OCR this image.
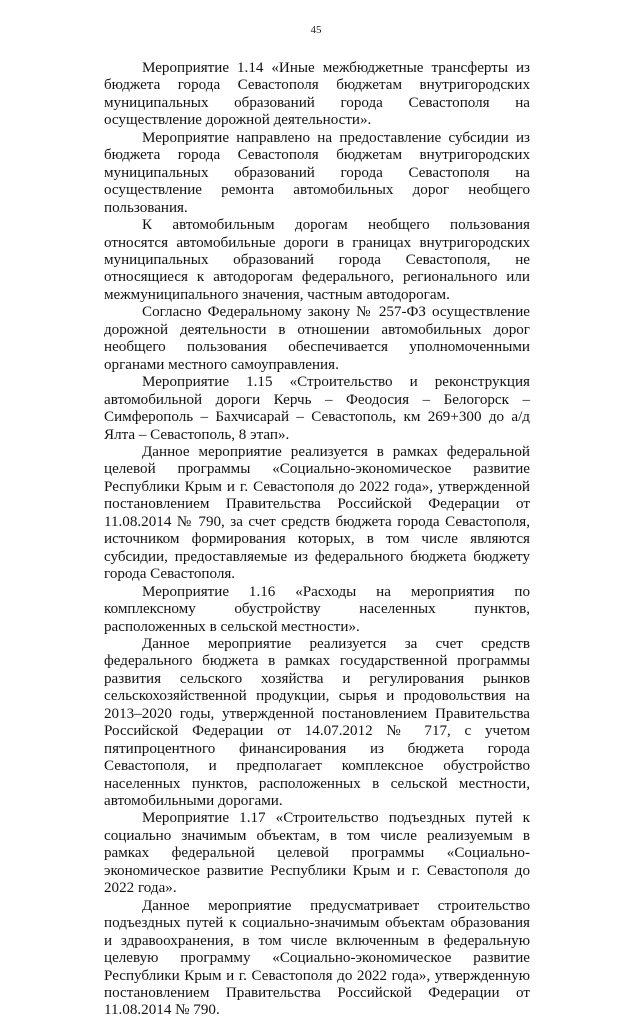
45

Мероприятие 1.14 «Иные межбюджетные трансферты из бюджета города Севастополя бюджетам внутригородских муниципальных образований города Севастополя на осуществление дорожной деятельности».

Мероприятие направлено на предоставление субсидии из бюджета города Севастополя бюджетам внутригородских муниципальных образований города Севастополя на осуществление ремонта автомобильных дорог необщего пользования.

К автомобильным дорогам необщего пользования относятся автомобильные дороги в границах внутригородских муниципальных образований города Севастополя, не относящиеся к автодорогам федерального, регионального или межмуниципального значения, частным автодорогам.

Согласно Федеральному закону № 257-ФЗ осуществление дорожной деятельности в отношении автомобильных дорог необщего пользования обеспечивается уполномоченными органами местного самоуправления.

Мероприятие 1.15 «Строительство и реконструкция автомобильной дороги Керчь – Феодосия – Белогорск – Симферополь – Бахчисарай – Севастополь, км 269+300 до а/д Ялта – Севастополь, 8 этап».

Данное мероприятие реализуется в рамках федеральной целевой программы «Социально-экономическое развитие Республики Крым и г. Севастополя до 2022 года», утвержденной постановлением Правительства Российской Федерации от 11.08.2014 № 790, за счет средств бюджета города Севастополя, источником формирования которых, в том числе являются субсидии, предоставляемые из федерального бюджета бюджету города Севастополя.

Мероприятие 1.16 «Расходы на мероприятия по комплексному обустройству населенных пунктов, расположенных в сельской местности».

Данное мероприятие реализуется за счет средств федерального бюджета в рамках государственной программы развития сельского хозяйства и регулирования рынков сельскохозяйственной продукции, сырья и продовольствия на 2013–2020 годы, утвержденной постановлением Правительства Российской Федерации от 14.07.2012 № 717, с учетом пятипроцентного финансирования из бюджета города Севастополя, и предполагает комплексное обустройство населенных пунктов, расположенных в сельской местности, автомобильными дорогами.

Мероприятие 1.17 «Строительство подъездных путей к социально значимым объектам, в том числе реализуемым в рамках федеральной целевой программы «Социально-экономическое развитие Республики Крым и г. Севастополя до 2022 года».

Данное мероприятие предусматривает строительство подъездных путей к социально-значимым объектам образования и здравоохранения, в том числе включенным в федеральную целевую программу «Социально-экономическое развитие Республики Крым и г. Севастополя до 2022 года», утвержденную постановлением Правительства Российской Федерации от 11.08.2014 № 790.
